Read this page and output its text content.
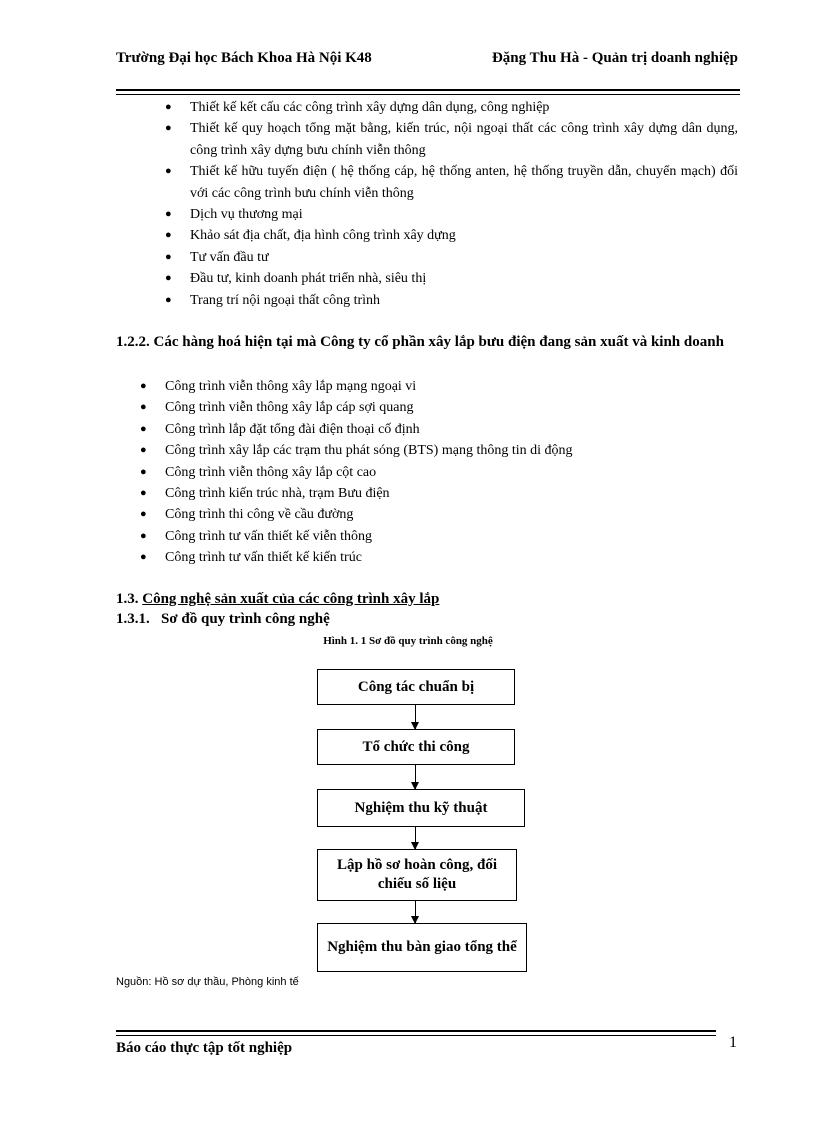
Trường Đại học Bách Khoa Hà Nội K48	Đặng Thu Hà - Quản trị doanh nghiệp
● Thiết kế kết cấu các công trình xây dựng dân dụng, công nghiệp
● Thiết kế quy hoạch tổng mặt bằng, kiến trúc, nội ngoại thất các công trình xây dựng dân dụng, công trình xây dựng bưu chính viễn thông
● Thiết kế hữu tuyến điện ( hệ thống cáp, hệ thống anten, hệ thống truyền dẫn, chuyển mạch) đối với các công trình bưu chính viễn thông
● Dịch vụ thương mại
● Khảo sát địa chất, địa hình công trình xây dựng
● Tư vấn đầu tư
● Đầu tư, kinh doanh phát triển nhà, siêu thị
● Trang trí nội ngoại thất công trình
1.2.2. Các hàng hoá hiện tại mà Công ty cổ phần xây lắp bưu điện đang sản xuất và kinh doanh
● Công trình viễn thông xây lắp mạng ngoại vi
● Công trình viễn thông xây lắp cáp sợi quang
● Công trình lắp đặt tổng đài điện thoại cố định
● Công trình xây lắp các trạm thu phát sóng (BTS) mạng thông tin di động
● Công trình viễn thông xây lắp cột cao
● Công trình kiến trúc nhà, trạm Bưu điện
● Công trình thi công về cầu đường
● Công trình tư vấn thiết kế viễn thông
● Công trình tư vấn thiết kế kiến trúc
1.3. Công nghệ sản xuất của các công trình xây lắp
1.3.1.   Sơ đồ quy trình công nghệ
Hình 1. 1 Sơ đồ quy trình công nghệ
Công tác chuẩn bị
Tổ chức thi công
Nghiệm thu kỹ thuật
Lập hồ sơ hoàn công, đối chiếu số liệu
Nghiệm thu bàn giao tổng thể
Nguồn: Hồ sơ dự thầu, Phòng kinh tế
Báo cáo thực tập tốt nghiệp	1
